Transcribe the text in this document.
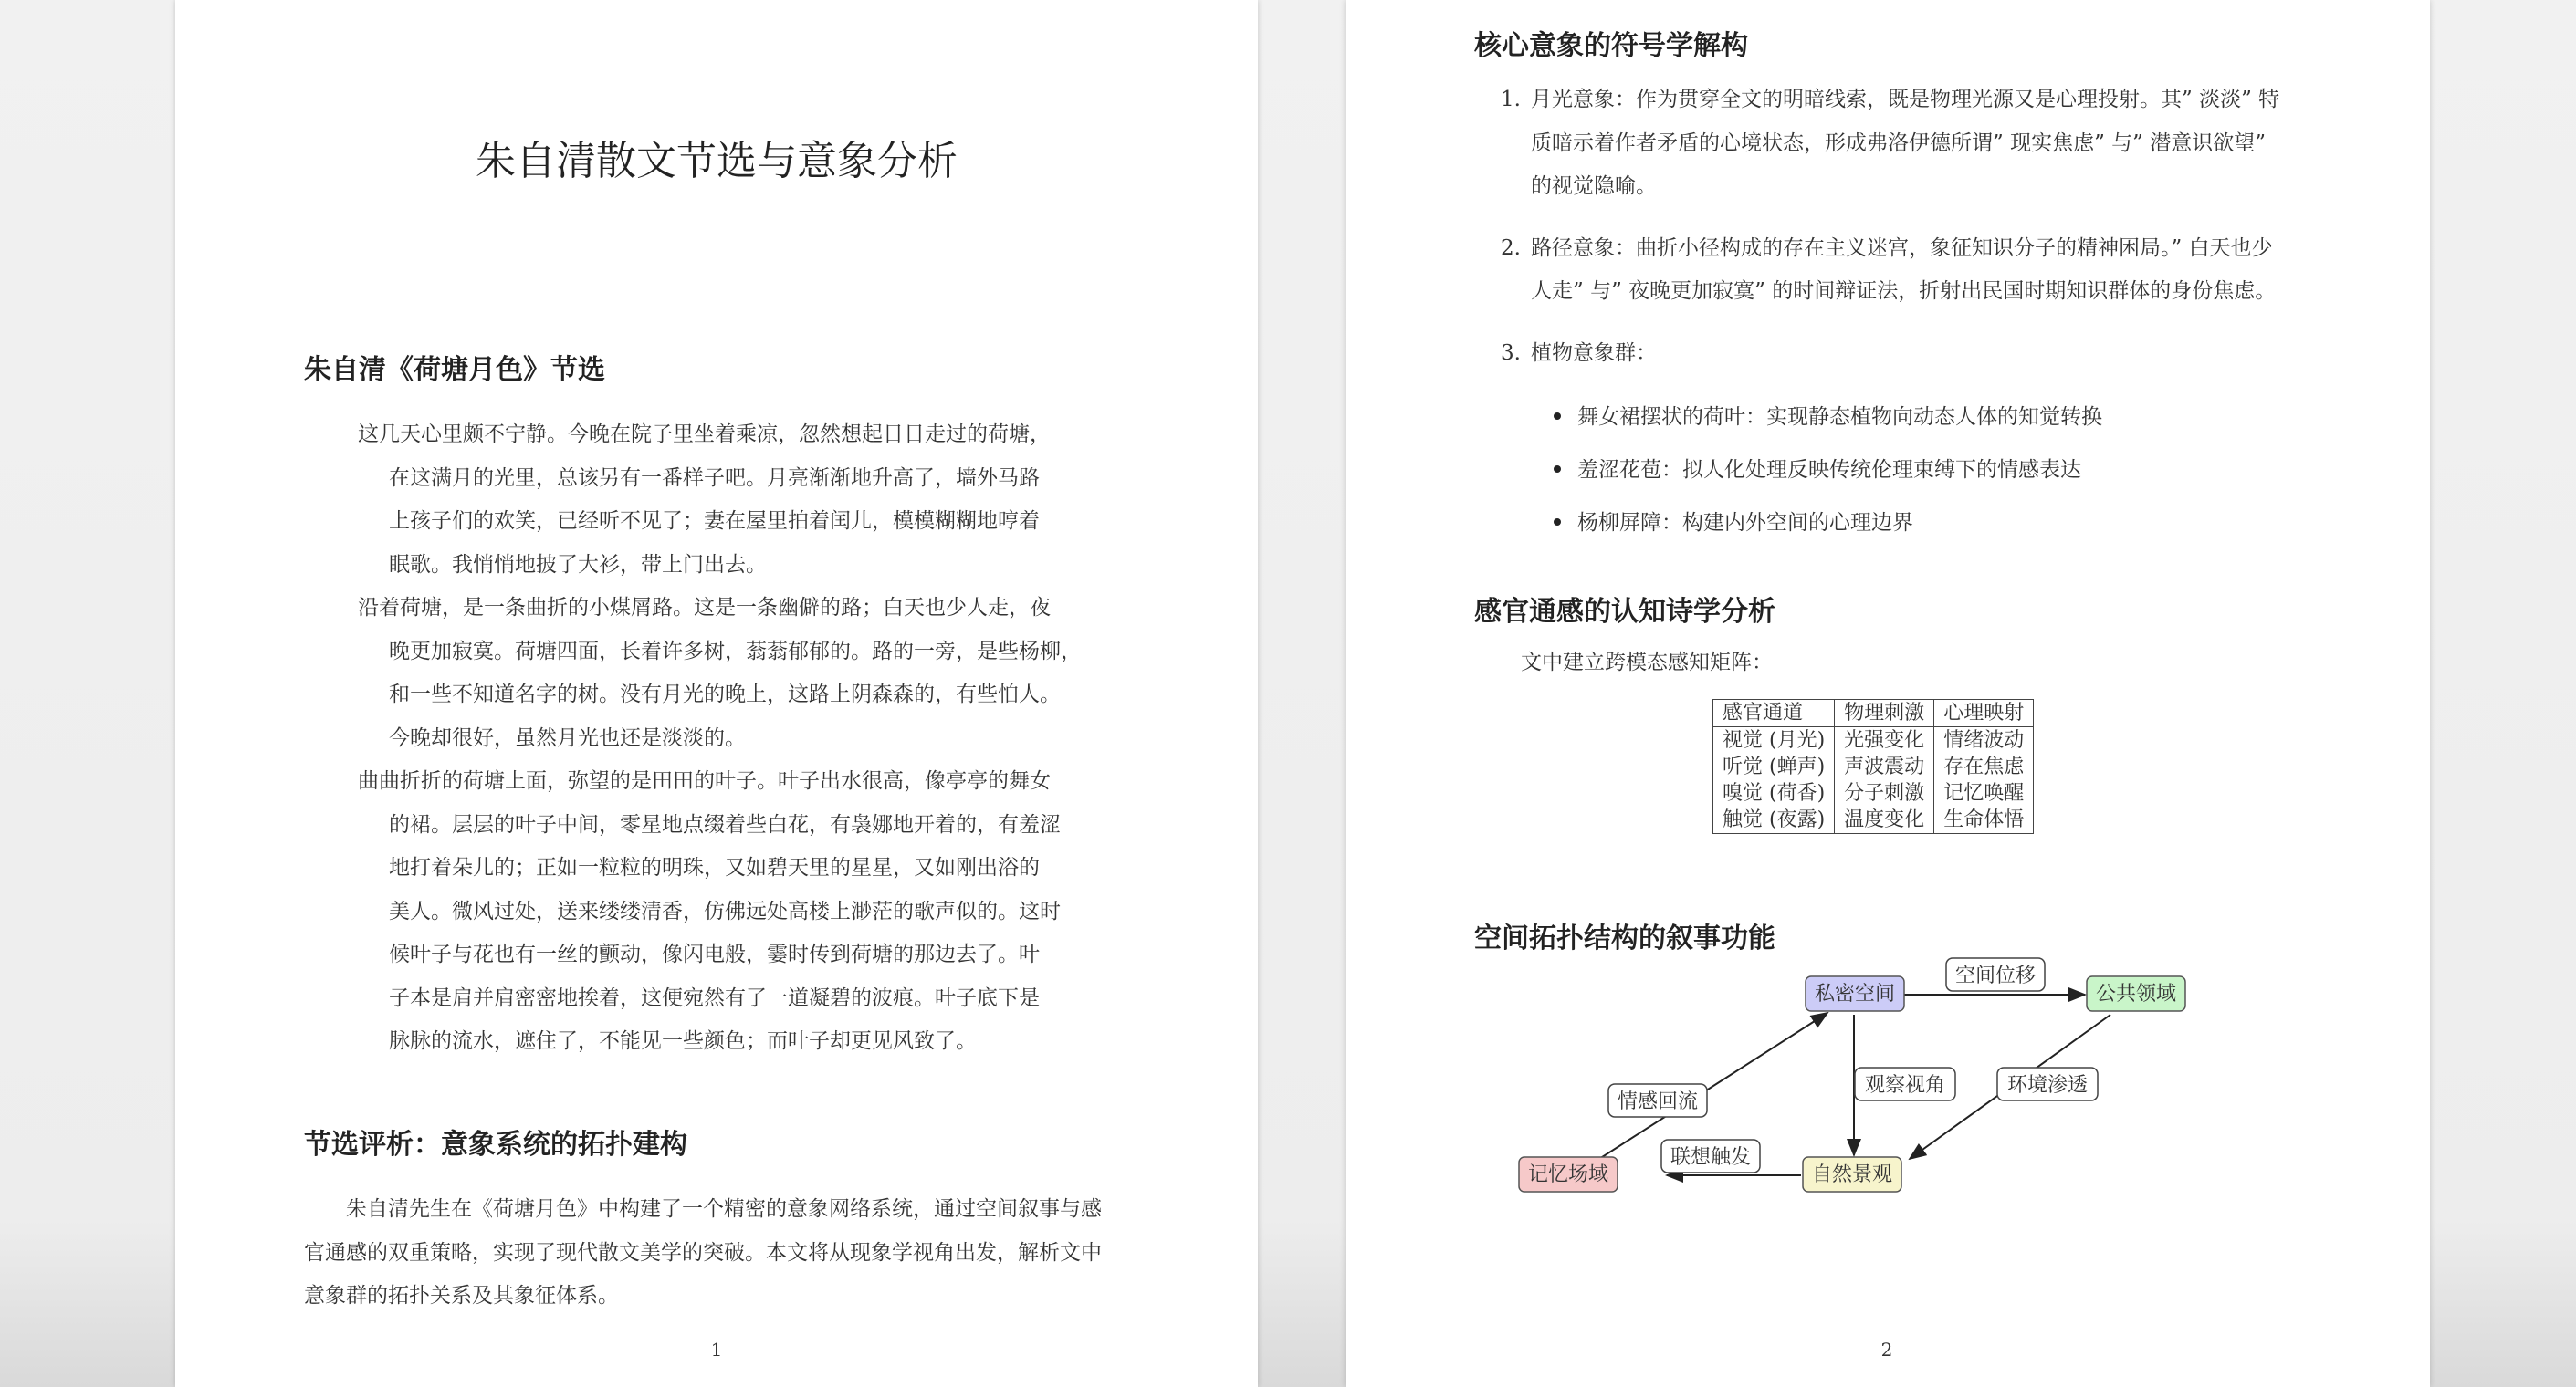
朱自清散文节选与意象分析
朱自清《荷塘月色》节选
这几天心里颇不宁静。今晚在院子里坐着乘凉，忽然想起日日走过的荷塘，
在这满月的光里，总该另有一番样子吧。月亮渐渐地升高了，墙外马路
上孩子们的欢笑，已经听不见了；妻在屋里拍着闰儿，模模糊糊地哼着
眠歌。我悄悄地披了大衫，带上门出去。
沿着荷塘，是一条曲折的小煤屑路。这是一条幽僻的路；白天也少人走，夜
晚更加寂寞。荷塘四面，长着许多树，蓊蓊郁郁的。路的一旁，是些杨柳，
和一些不知道名字的树。没有月光的晚上，这路上阴森森的，有些怕人。
今晚却很好，虽然月光也还是淡淡的。
曲曲折折的荷塘上面，弥望的是田田的叶子。叶子出水很高，像亭亭的舞女
的裙。层层的叶子中间，零星地点缀着些白花，有袅娜地开着的，有羞涩
地打着朵儿的；正如一粒粒的明珠，又如碧天里的星星，又如刚出浴的
美人。微风过处，送来缕缕清香，仿佛远处高楼上渺茫的歌声似的。这时
候叶子与花也有一丝的颤动，像闪电般，霎时传到荷塘的那边去了。叶
子本是肩并肩密密地挨着，这便宛然有了一道凝碧的波痕。叶子底下是
脉脉的流水，遮住了，不能见一些颜色；而叶子却更见风致了。
节选评析：意象系统的拓扑建构
朱自清先生在《荷塘月色》中构建了一个精密的意象网络系统，通过空间叙事与感
官通感的双重策略，实现了现代散文美学的突破。本文将从现象学视角出发，解析文中
意象群的拓扑关系及其象征体系。
1
核心意象的符号学解构
1. 月光意象：作为贯穿全文的明暗线索，既是物理光源又是心理投射。其” 淡淡” 特
质暗示着作者矛盾的心境状态，形成弗洛伊德所谓” 现实焦虑” 与” 潜意识欲望”
的视觉隐喻。
2. 路径意象：曲折小径构成的存在主义迷宫，象征知识分子的精神困局。” 白天也少
人走” 与” 夜晚更加寂寞” 的时间辩证法，折射出民国时期知识群体的身份焦虑。
3. 植物意象群：
舞女裙摆状的荷叶：实现静态植物向动态人体的知觉转换
羞涩花苞：拟人化处理反映传统伦理束缚下的情感表达
杨柳屏障：构建内外空间的心理边界
感官通感的认知诗学分析
文中建立跨模态感知矩阵：
感官通道	物理刺激	心理映射
视觉 (月光)	光强变化	情绪波动
听觉 (蝉声)	声波震动	存在焦虑
嗅觉 (荷香)	分子刺激	记忆唤醒
触觉 (夜露)	温度变化	生命体悟
空间拓扑结构的叙事功能
空间位移
观察视角	环境渗透
情感回流
联想触发
私密空间	公共领域
记忆场域	自然景观
2
